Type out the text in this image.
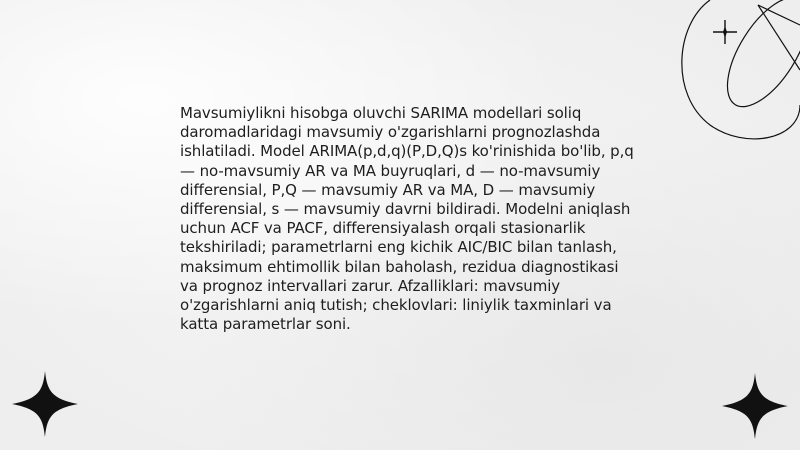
Mavsumiylikni hisobga oluvchi SARIMA modellari soliq daromadlaridagi mavsumiy o'zgarishlarni prognozlashda ishlatiladi. Model ARIMA(p,d,q)(P,D,Q)s ko'rinishida bo'lib, p,q — no-mavsumiy AR va MA buyruqlari, d — no-mavsumiy differensial, P,Q — mavsumiy AR va MA, D — mavsumiy differensial, s — mavsumiy davrni bildiradi. Modelni aniqlash uchun ACF va PACF, differensiyalash orqali stasionarlik tekshiriladi; parametrlarni eng kichik AIC/BIC bilan tanlash, maksimum ehtimollik bilan baholash, rezidua diagnostikasi va prognoz intervallari zarur. Afzalliklari: mavsumiy o'zgarishlarni aniq tutish; cheklovlari: liniylik taxminlari va katta parametrlar soni.
